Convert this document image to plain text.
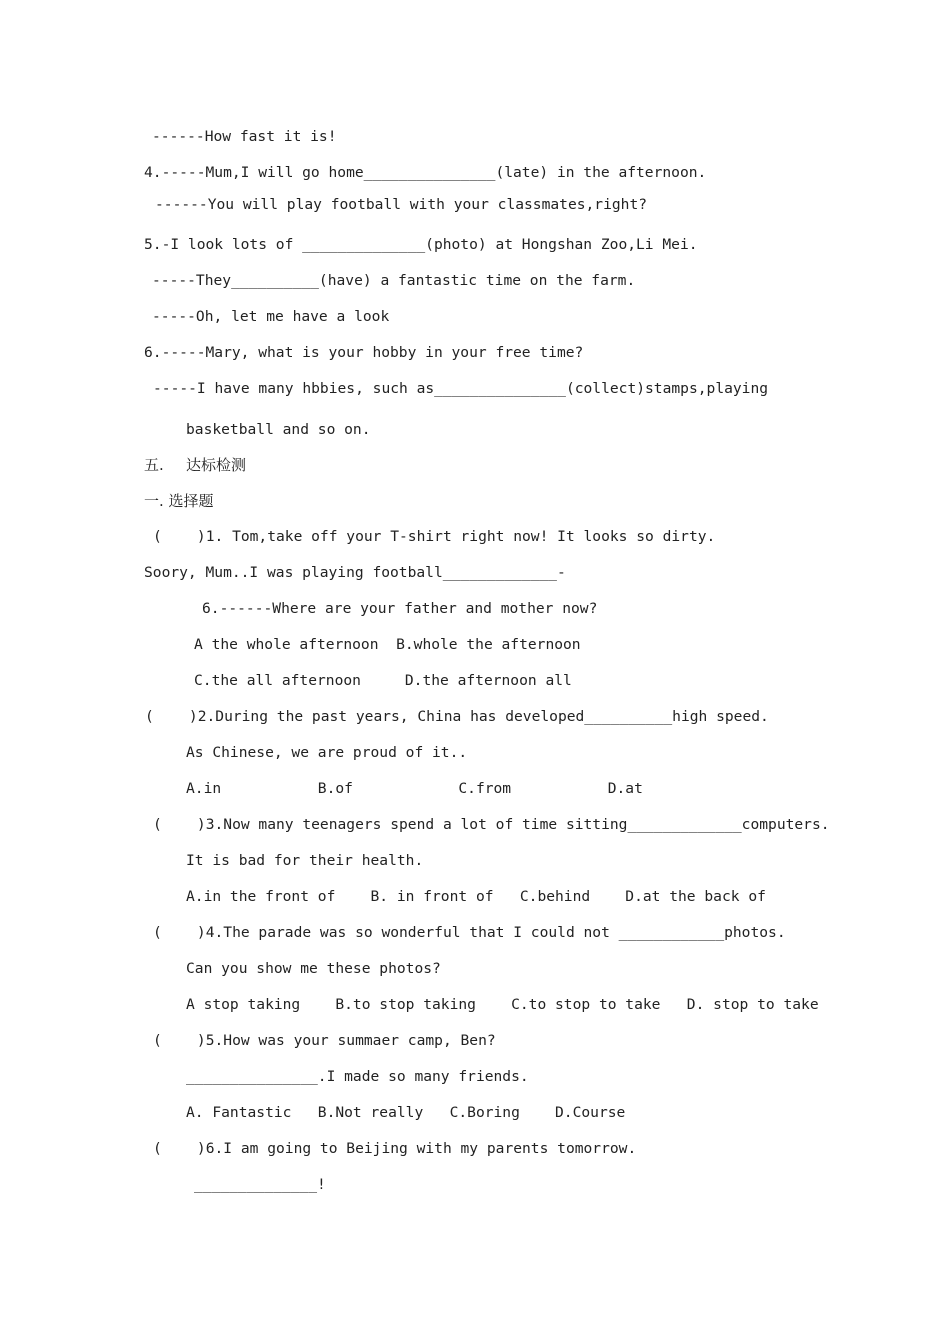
------How fast it is!
4.-----Mum,I will go home_______________(late) in the afternoon.
------You will play football with your classmates,right?
5.-I look lots of ______________(photo) at Hongshan Zoo,Li Mei.
-----They__________(have) a fantastic time on the farm.
-----Oh, let me have a look
6.-----Mary, what is your hobby in your free time?
-----I have many hbbies, such as_______________(collect)stamps,playing
basketball and so on.
五. 达标检测
一. 选择题
(    )1. Tom,take off your T-shirt right now! It looks so dirty.
Soory, Mum..I was playing football_____________-
6.------Where are your father and mother now?
A the whole afternoon  B.whole the afternoon
C.the all afternoon     D.the afternoon all
(    )2.During the past years, China has developed__________high speed.
As Chinese, we are proud of it..
A.in           B.of            C.from           D.at
(    )3.Now many teenagers spend a lot of time sitting_____________computers.
It is bad for their health.
A.in the front of    B. in front of   C.behind    D.at the back of
(    )4.The parade was so wonderful that I could not ____________photos.
Can you show me these photos?
A stop taking    B.to stop taking    C.to stop to take   D. stop to take
(    )5.How was your summaer camp, Ben?
_______________.I made so many friends.
A. Fantastic   B.Not really   C.Boring    D.Course
(    )6.I am going to Beijing with my parents tomorrow.
______________!
